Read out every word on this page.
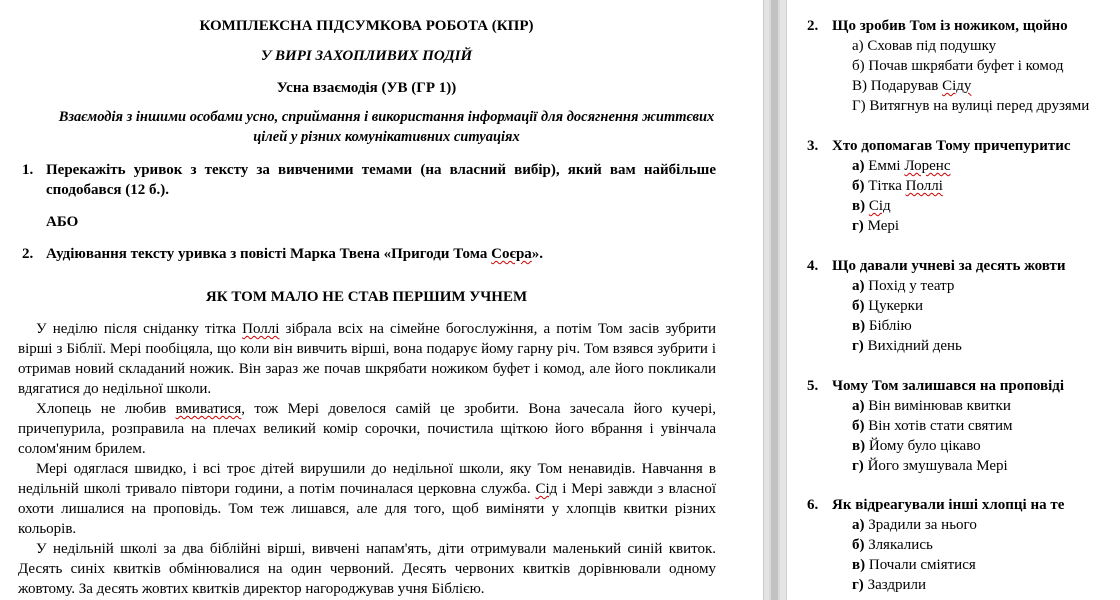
КОМПЛЕКСНА ПІДСУМКОВА РОБОТА (КПР)
У ВИРІ ЗАХОПЛИВИХ ПОДІЙ
Усна взаємодія (УВ (ГР 1))
Взаємодія з іншими особами усно, сприймання і використання інформації для досягнення життєвих цілей у різних комунікативних ситуаціях
1. Перекажіть уривок з тексту за вивченими темами (на власний вибір), який вам найбільше сподобався (12 б.).
АБО
2. Аудіювання тексту уривка з повісті Марка Твена «Пригоди Тома Соєра».
ЯК ТОМ МАЛО НЕ СТАВ ПЕРШИМ УЧНЕМ

У неділю після сніданку тітка Поллі зібрала всіх на сімейне богослужіння, а потім Том засів зубрити вірші з Біблії. Мері пообіцяла, що коли він вивчить вірші, вона подарує йому гарну річ. Том взявся зубрити і отримав новий складаний ножик. Він зараз же почав шкрябати ножиком буфет і комод, але його покликали вдягатися до недільної школи.

Хлопець не любив вмиватися, тож Мері довелося самій це зробити. Вона зачесала його кучері, причепурила, розправила на плечах великий комір сорочки, почистила щіткою його вбрання і увінчала солом'яним брилем.

Мері одяглася швидко, і всі троє дітей вирушили до недільної школи, яку Том ненавидів. Навчання в недільній школі тривало півтори години, а потім починалася церковна служба. Сід і Мері завжди з власної охоти лишалися на проповідь. Том теж лишався, але для того, щоб виміняти у хлопців квитки різних кольорів.

У недільній школі за два біблійні вірші, вивчені напам'ять, діти отримували маленький синій квиток. Десять синіх квитків обмінювалися на один червоний. Десять червоних квитків дорівнювали одному жовтому. За десять жовтих квитків директор нагороджував учня Біблією.

2. Що зробив Том із ножиком, щойно
а) Сховав під подушку
б) Почав шкрябати буфет і комод
В) Подарував Сіду
Г) Витягнув на вулиці перед друзями
3. Хто допомагав Тому причепуритис
а) Еммі Лоренс
б) Тітка Поллі
в) Сід
г) Мері
4. Що давали учневі за десять жовти
а) Похід у театр
б) Цукерки
в) Біблію
г) Вихідний день
5. Чому Том залишався на проповіді
а) Він вимінював квитки
б) Він хотів стати святим
в) Йому було цікаво
г) Його змушувала Мері
6. Як відреагували інші хлопці на те
а) Зрадили за нього
б) Злякались
в) Почали сміятися
г) Заздрили
